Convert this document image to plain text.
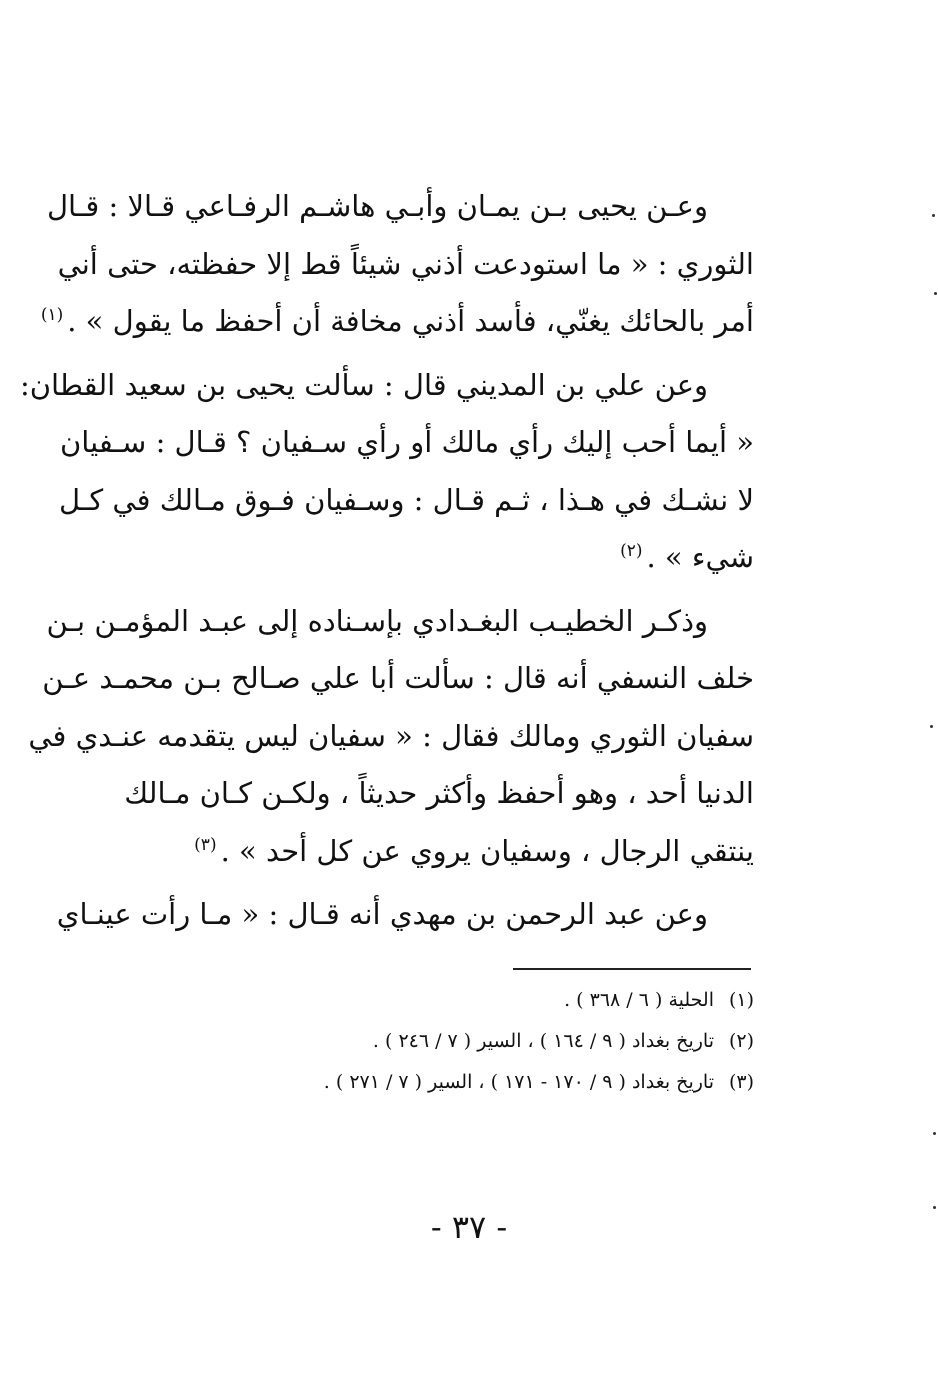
وعـن يحيى بـن يمـان وأبـي هاشـم الرفـاعي قـالا : قـال
الثوري : « ما استودعت أذني شيئاً قط إلا حفظته، حتى أني
أمر بالحائك يغنّي، فأسد أذني مخافة أن أحفظ ما يقول » .$^{(١)}$
وعن علي بن المديني قال : سألت يحيى بن سعيد القطان:
« أيما أحب إليك رأي مالك أو رأي سـفيان ؟ قـال : سـفيان
لا نشـك في هـذا ، ثـم قـال : وسـفيان فـوق مـالك في كـل
شيء » .$^{(٢)}$
وذكـر الخطيـب البغـدادي بإسـناده إلى عبـد المؤمـن بـن
خلف النسفي أنه قال : سألت أبا علي صـالح بـن محمـد عـن
سفيان الثوري ومالك فقال : « سفيان ليس يتقدمه عنـدي في
الدنيا أحد ، وهو أحفظ وأكثر حديثاً ، ولكـن كـان مـالك
ينتقي الرجال ، وسفيان يروي عن كل أحد » .$^{(٣)}$
وعن عبد الرحمن بن مهدي أنه قـال : « مـا رأت عينـاي
(١)الحلية ( ٦ / ٣٦٨ ) .
(٢)تاريخ بغداد ( ٩ / ١٦٤ ) ، السير ( ٧ / ٢٤٦ ) .
(٣)تاريخ بغداد ( ٩ / ١٧٠ - ١٧١ ) ، السير ( ٧ / ٢٧١ ) .
- ٣٧ -
